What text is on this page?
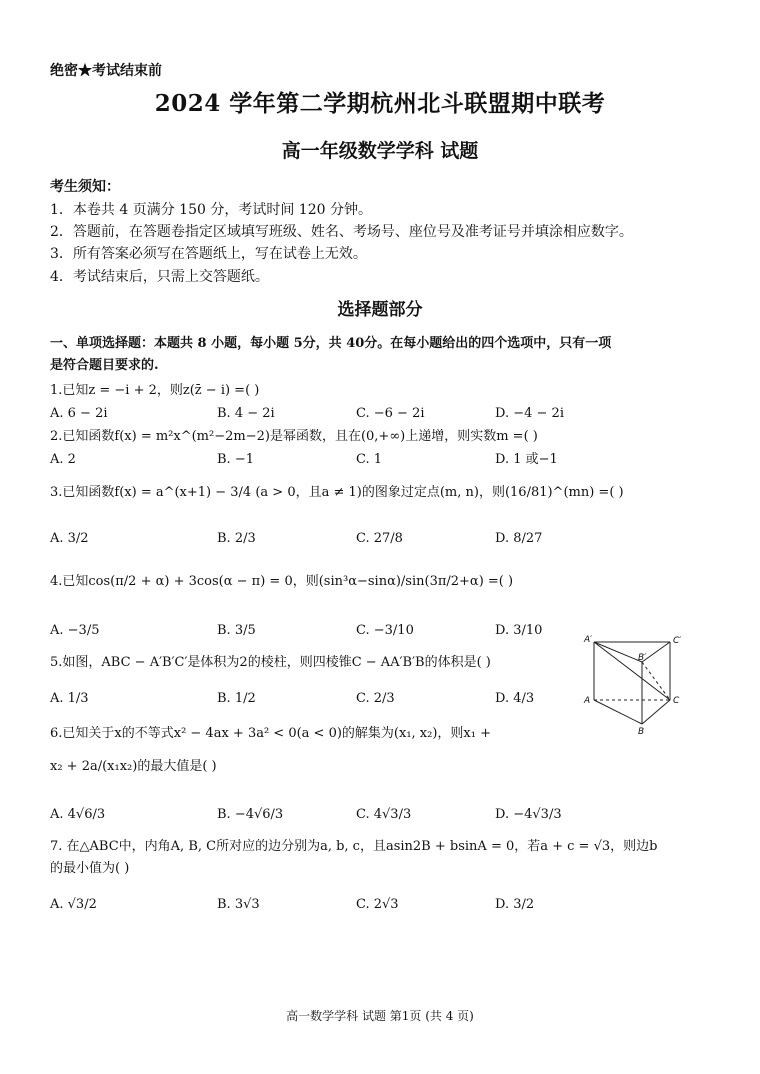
绝密★考试结束前
2024 学年第二学期杭州北斗联盟期中联考
高一年级数学学科 试题
考生须知：
1．本卷共 4 页满分 150 分，考试时间 120 分钟。
2．答题前，在答题卷指定区域填写班级、姓名、考场号、座位号及准考证号并填涂相应数字。
3．所有答案必须写在答题纸上，写在试卷上无效。
4．考试结束后，只需上交答题纸。
选择题部分
一、单项选择题：本题共 8 小题，每小题 5分，共 40分。在每小题给出的四个选项中，只有一项
是符合题目要求的.
1.已知z = −i + 2，则z(z̄ − i) =( )
A. 6 − 2i	B. 4 − 2i	C. −6 − 2i	D. −4 − 2i
2.已知函数f(x) = m²x^(m²−2m−2)是幂函数，且在(0,+∞)上递增，则实数m =( )
A. 2	B. −1	C. 1	D. 1 或−1
3.已知函数f(x) = a^(x+1) − 3/4 (a > 0，且a ≠ 1)的图象过定点(m, n)，则(16/81)^(mn) =( )
A. 3/2	B. 2/3	C. 27/8	D. 8/27
4.已知cos(π/2 + α) + 3cos(α − π) = 0，则(sin³α−sinα)/sin(3π/2+α) =( )
A. −3/5	B. 3/5	C. −3/10	D. 3/10
5.如图，ABC − A′B′C′是体积为2的棱柱，则四棱锥C − AA′B′B的体积是( )
A. 1/3	B. 1/2	C. 2/3	D. 4/3
A′	C′
B′
A	C
B
6.已知关于x的不等式x² − 4ax + 3a² < 0(a < 0)的解集为(x₁, x₂)，则x₁ +
x₂ + 2a/(x₁x₂)的最大值是( )
A. 4√6/3	B. −4√6/3	C. 4√3/3	D. −4√3/3
7. 在△ABC中，内角A, B, C所对应的边分别为a, b, c，且asin2B + bsinA = 0，若a + c = √3，则边b
的最小值为( )
A. √3/2	B. 3√3	C. 2√3	D. 3/2
高一数学学科 试题 第1页 (共 4 页)
